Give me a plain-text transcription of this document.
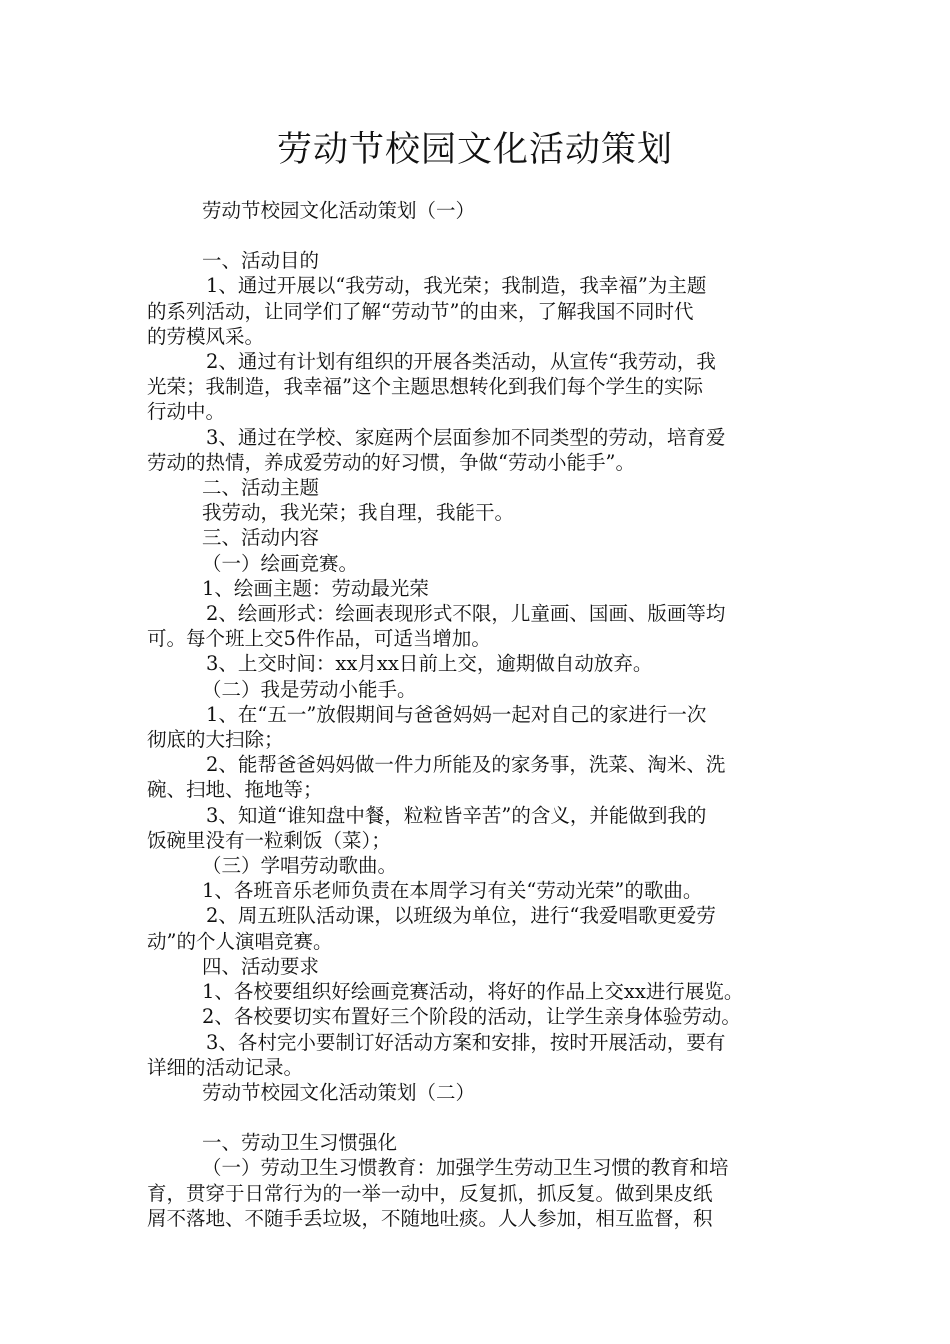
劳动节校园文化活动策划

劳动节校园文化活动策划（一）

一、活动目的

1、通过开展以“我劳动，我光荣；我制造，我幸福”为主题

的系列活动，让同学们了解“劳动节”的由来，了解我国不同时代

的劳模风采。

2、通过有计划有组织的开展各类活动，从宣传“我劳动，我

光荣；我制造，我幸福”这个主题思想转化到我们每个学生的实际

行动中。

3、通过在学校、家庭两个层面参加不同类型的劳动，培育爱

劳动的热情，养成爱劳动的好习惯，争做“劳动小能手”。

二、活动主题

我劳动，我光荣；我自理，我能干。

三、活动内容

（一）绘画竞赛。

1、绘画主题：劳动最光荣

2、绘画形式：绘画表现形式不限，儿童画、国画、版画等均

可。每个班上交5件作品，可适当增加。

3、上交时间：xx月xx日前上交，逾期做自动放弃。

（二）我是劳动小能手。

1、在“五一”放假期间与爸爸妈妈一起对自己的家进行一次

彻底的大扫除；

2、能帮爸爸妈妈做一件力所能及的家务事，洗菜、淘米、洗

碗、扫地、拖地等；

3、知道“谁知盘中餐，粒粒皆辛苦”的含义，并能做到我的

饭碗里没有一粒剩饭（菜）；

（三）学唱劳动歌曲。

1、各班音乐老师负责在本周学习有关“劳动光荣”的歌曲。

2、周五班队活动课，以班级为单位，进行“我爱唱歌更爱劳

动”的个人演唱竞赛。

四、活动要求

1、各校要组织好绘画竞赛活动，将好的作品上交xx进行展览。

2、各校要切实布置好三个阶段的活动，让学生亲身体验劳动。

3、各村完小要制订好活动方案和安排，按时开展活动，要有

详细的活动记录。

劳动节校园文化活动策划（二）

一、劳动卫生习惯强化

（一）劳动卫生习惯教育：加强学生劳动卫生习惯的教育和培

育，贯穿于日常行为的一举一动中，反复抓，抓反复。做到果皮纸

屑不落地、不随手丢垃圾，不随地吐痰。人人参加，相互监督，积
